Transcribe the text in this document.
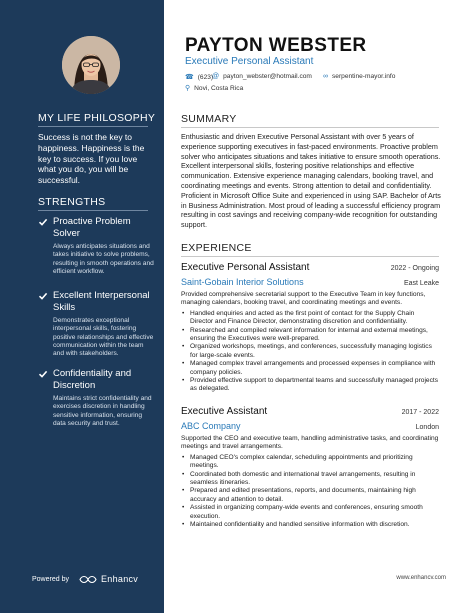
MY LIFE PHILOSOPHY
Success is not the key to happiness. Happiness is the key to success. If you love what you do, you will be successful.
STRENGTHS
Proactive Problem Solver
Always anticipates situations and takes initiative to solve problems, resulting in smooth operations and efficient workflow.
Excellent Interpersonal Skills
Demonstrates exceptional interpersonal skills, fostering positive relationships and effective communication within the team and with stakeholders.
Confidentiality and Discretion
Maintains strict confidentiality and exercises discretion in handling sensitive information, ensuring data security and trust.
Powered by	Enhancv
PAYTON WEBSTER
Executive Personal Assistant
☎ (623)
@ payton_webster@hotmail.com ∞ serpentine-mayor.info
⚲ Novi, Costa Rica
SUMMARY
Enthusiastic and driven Executive Personal Assistant with over 5 years of experience supporting executives in fast-paced environments. Proactive problem solver who anticipates situations and takes initiative to ensure smooth operations. Excellent interpersonal skills, fostering positive relationships and effective communication. Extensive experience managing calendars, booking travel, and coordinating meetings and events. Strong attention to detail and confidentiality. Proficient in Microsoft Office Suite and experienced in using SAP. Bachelor of Arts in Business Administration. Most proud of leading a successful efficiency program resulting in cost savings and receiving company-wide recognition for outstanding support.
EXPERIENCE
Executive Personal Assistant	2022 - Ongoing
Saint-Gobain Interior Solutions	East Leake
Provided comprehensive secretarial support to the Executive Team in key functions, managing calendars, booking travel, and coordinating meetings and events.
• Handled enquiries and acted as the first point of contact for the Supply Chain Director and Finance Director, demonstrating discretion and confidentiality.
• Researched and compiled relevant information for internal and external meetings, ensuring the Executives were well-prepared.
• Organized workshops, meetings, and conferences, successfully managing logistics for large-scale events.
• Managed complex travel arrangements and processed expenses in compliance with company policies.
• Provided effective support to departmental teams and successfully managed projects as delegated.
Executive Assistant	2017 - 2022
ABC Company	London
Supported the CEO and executive team, handling administrative tasks, and coordinating meetings and travel arrangements.
• Managed CEO's complex calendar, scheduling appointments and prioritizing meetings.
• Coordinated both domestic and international travel arrangements, resulting in seamless itineraries.
• Prepared and edited presentations, reports, and documents, maintaining high accuracy and attention to detail.
• Assisted in organizing company-wide events and conferences, ensuring smooth execution.
• Maintained confidentiality and handled sensitive information with discretion.
www.enhancv.com
